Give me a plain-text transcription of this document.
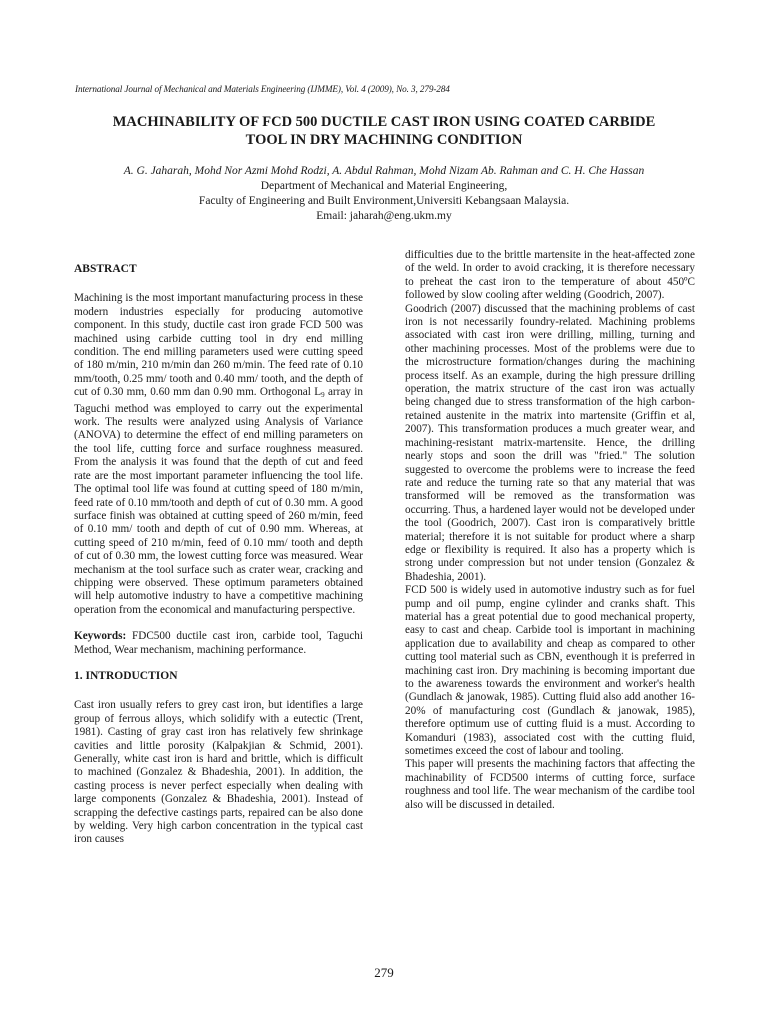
International Journal of Mechanical and Materials Engineering (IJMME), Vol. 4 (2009), No. 3, 279-284
MACHINABILITY OF FCD 500 DUCTILE CAST IRON USING COATED CARBIDE
TOOL IN DRY MACHINING CONDITION
A. G. Jaharah, Mohd Nor Azmi Mohd Rodzi, A. Abdul Rahman, Mohd Nizam Ab. Rahman and C. H. Che Hassan
Department of Mechanical and Material Engineering,
Faculty of Engineering and Built Environment,Universiti Kebangsaan Malaysia.
Email: jaharah@eng.ukm.my

ABSTRACT

Machining is the most important manufacturing process in these modern industries especially for producing automotive component. In this study, ductile cast iron grade FCD 500 was machined using carbide cutting tool in dry end milling condition. The end milling parameters used were cutting speed of 180 m/min, 210 m/min dan 260 m/min. The feed rate of 0.10 mm/tooth, 0.25 mm/ tooth and 0.40 mm/ tooth, and the depth of cut of 0.30 mm, 0.60 mm dan 0.90 mm. Orthogonal $L_9$ array in Taguchi method was employed to carry out the experimental work. The results were analyzed using Analysis of Variance (ANOVA) to determine the effect of end milling parameters on the tool life, cutting force and surface roughness measured. From the analysis it was found that the depth of cut and feed rate are the most important parameter influencing the tool life. The optimal tool life was found at cutting speed of 180 m/min, feed rate of 0.10 mm/tooth and depth of cut of 0.30 mm. A good surface finish was obtained at cutting speed of 260 m/min, feed of 0.10 mm/ tooth and depth of cut of 0.90 mm. Whereas, at cutting speed of 210 m/min, feed of 0.10 mm/ tooth and depth of cut of 0.30 mm, the lowest cutting force was measured. Wear mechanism at the tool surface such as crater wear, cracking and chipping were observed. These optimum parameters obtained will help automotive industry to have a competitive machining operation from the economical and manufacturing perspective.

Keywords: FDC500 ductile cast iron, carbide tool, Taguchi Method, Wear mechanism, machining performance.

1. INTRODUCTION

Cast iron usually refers to grey cast iron, but identifies a large group of ferrous alloys, which solidify with a eutectic (Trent, 1981). Casting of gray cast iron has relatively few shrinkage cavities and little porosity (Kalpakjian & Schmid, 2001). Generally, white cast iron is hard and brittle, which is difficult to machined (Gonzalez & Bhadeshia, 2001). In addition, the casting process is never perfect especially when dealing with large components (Gonzalez & Bhadeshia, 2001). Instead of scrapping the defective castings parts, repaired can be also done by welding. Very high carbon concentration in the typical cast iron causes

difficulties due to the brittle martensite in the heat-affected zone of the weld. In order to avoid cracking, it is therefore necessary to preheat the cast iron to the temperature of about 450ºC followed by slow cooling after welding (Goodrich, 2007).

Goodrich (2007) discussed that the machining problems of cast iron is not necessarily foundry-related. Machining problems associated with cast iron were drilling, milling, turning and other machining processes. Most of the problems were due to the microstructure formation/changes during the machining process itself. As an example, during the high pressure drilling operation, the matrix structure of the cast iron was actually being changed due to stress transformation of the high carbon-retained austenite in the matrix into martensite (Griffin et al, 2007). This transformation produces a much greater wear, and machining-resistant matrix-martensite. Hence, the drilling nearly stops and soon the drill was "fried." The solution suggested to overcome the problems were to increase the feed rate and reduce the turning rate so that any material that was transformed will be removed as the transformation was occurring. Thus, a hardened layer would not be developed under the tool (Goodrich, 2007). Cast iron is comparatively brittle material; therefore it is not suitable for product where a sharp edge or flexibility is required. It also has a property which is strong under compression but not under tension (Gonzalez & Bhadeshia, 2001).

FCD 500 is widely used in automotive industry such as for fuel pump and oil pump, engine cylinder and cranks shaft. This material has a great potential due to good mechanical property, easy to cast and cheap. Carbide tool is important in machining application due to availability and cheap as compared to other cutting tool material such as CBN, eventhough it is preferred in machining cast iron. Dry machining is becoming important due to the awareness towards the environment and worker's health (Gundlach & janowak, 1985). Cutting fluid also add another 16-20% of manufacturing cost (Gundlach & janowak, 1985), therefore optimum use of cutting fluid is a must. According to Komanduri (1983), associated cost with the cutting fluid, sometimes exceed the cost of labour and tooling.

This paper will presents the machining factors that affecting the machinability of FCD500 interms of cutting force, surface roughness and tool life. The wear mechanism of the cardibe tool also will be discussed in detailed.

279
